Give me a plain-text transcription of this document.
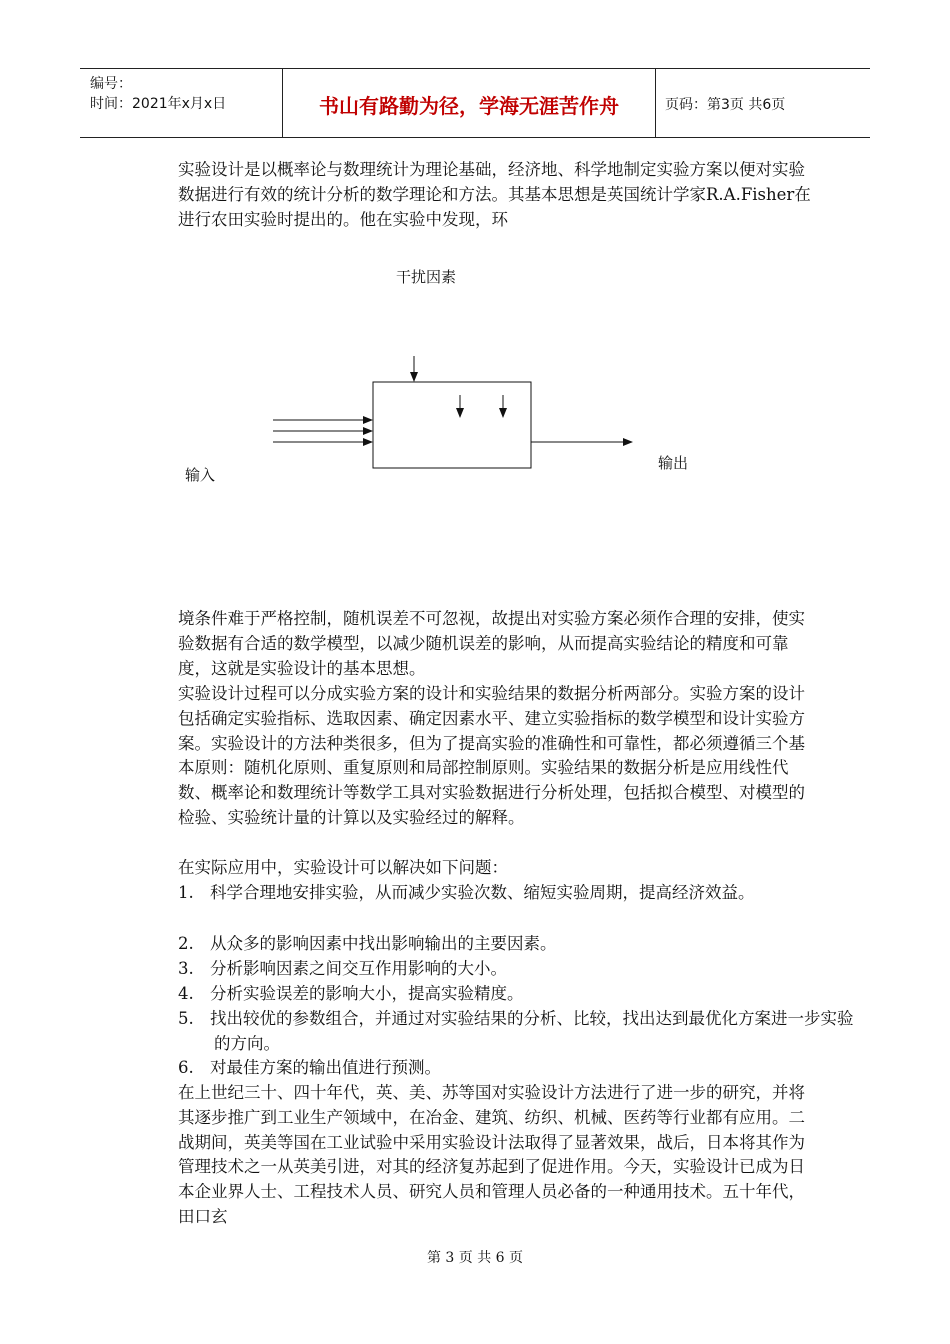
编号：
时间：2021年x月x日	书山有路勤为径，学海无涯苦作舟	页码：第3页 共6页

实验设计是以概率论与数理统计为理论基础，经济地、科学地制定实验方案以便对实验数据进行有效的统计分析的数学理论和方法。其基本思想是英国统计学家R.A.Fisher在进行农田实验时提出的。他在实验中发现，环

干扰因素
输入
输出

境条件难于严格控制，随机误差不可忽视，故提出对实验方案必须作合理的安排，使实验数据有合适的数学模型，以减少随机误差的影响，从而提高实验结论的精度和可靠度，这就是实验设计的基本思想。

实验设计过程可以分成实验方案的设计和实验结果的数据分析两部分。实验方案的设计包括确定实验指标、选取因素、确定因素水平、建立实验指标的数学模型和设计实验方案。实验设计的方法种类很多，但为了提高实验的准确性和可靠性，都必须遵循三个基本原则：随机化原则、重复原则和局部控制原则。实验结果的数据分析是应用线性代数、概率论和数理统计等数学工具对实验数据进行分析处理，包括拟合模型、对模型的检验、实验统计量的计算以及实验经过的解释。

在实际应用中，实验设计可以解决如下问题：

1. 科学合理地安排实验，从而减少实验次数、缩短实验周期，提高经济效益。
2. 从众多的影响因素中找出影响输出的主要因素。
3. 分析影响因素之间交互作用影响的大小。
4. 分析实验误差的影响大小，提高实验精度。
5. 找出较优的参数组合，并通过对实验结果的分析、比较，找出达到最优化方案进一步实验的方向。
6. 对最佳方案的输出值进行预测。

在上世纪三十、四十年代，英、美、苏等国对实验设计方法进行了进一步的研究，并将其逐步推广到工业生产领域中，在冶金、建筑、纺织、机械、医药等行业都有应用。二战期间，英美等国在工业试验中采用实验设计法取得了显著效果，战后，日本将其作为管理技术之一从英美引进，对其的经济复苏起到了促进作用。今天，实验设计已成为日本企业界人士、工程技术人员、研究人员和管理人员必备的一种通用技术。五十年代，田口玄

第 3 页 共 6 页
